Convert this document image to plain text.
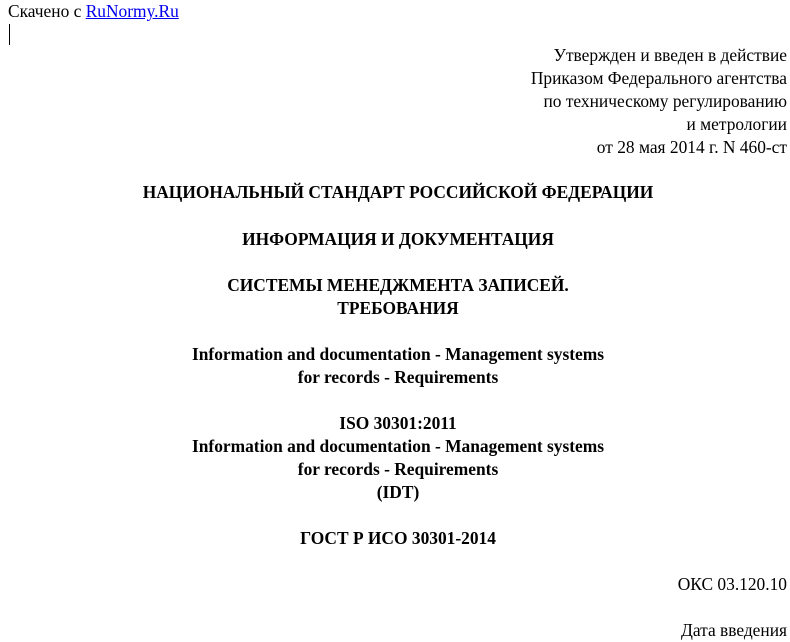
Скачено с RuNormy.Ru
Утвержден и введен в действие
Приказом Федерального агентства
по техническому регулированию
и метрологии
от 28 мая 2014 г. N 460-ст
НАЦИОНАЛЬНЫЙ СТАНДАРТ РОССИЙСКОЙ ФЕДЕРАЦИИ
ИНФОРМАЦИЯ И ДОКУМЕНТАЦИЯ
СИСТЕМЫ МЕНЕДЖМЕНТА ЗАПИСЕЙ.
ТРЕБОВАНИЯ
Information and documentation - Management systems
for records - Requirements
ISO 30301:2011
Information and documentation - Management systems
for records - Requirements
(IDT)
ГОСТ Р ИСО 30301-2014
ОКС 03.120.10
Дата введения
